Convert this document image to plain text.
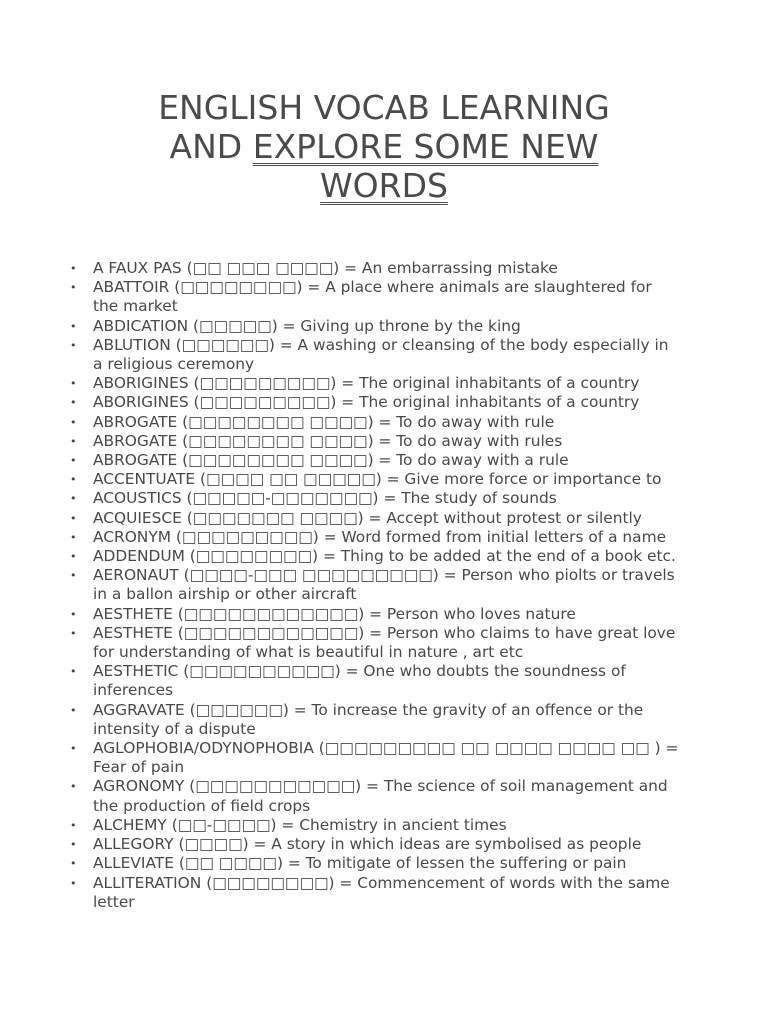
ENGLISH VOCAB LEARNING
AND EXPLORE SOME NEW
WORDS
• A FAUX PAS (□□ □□□ □□□□) = An embarrassing mistake
• ABATTOIR (□□□□□□□□) = A place where animals are slaughtered for the market
• ABDICATION (□□□□□) = Giving up throne by the king
• ABLUTION (□□□□□□) = A washing or cleansing of the body especially in a religious ceremony
• ABORIGINES (□□□□□□□□□) = The original inhabitants of a country
• ABORIGINES (□□□□□□□□□) = The original inhabitants of a country
• ABROGATE (□□□□□□□□ □□□□) = To do away with rule
• ABROGATE (□□□□□□□□ □□□□) = To do away with rules
• ABROGATE (□□□□□□□□ □□□□) = To do away with a rule
• ACCENTUATE (□□□□ □□ □□□□□) = Give more force or importance to
• ACOUSTICS (□□□□□-□□□□□□□) = The study of sounds
• ACQUIESCE (□□□□□□□ □□□□) = Accept without protest or silently
• ACRONYM (□□□□□□□□□) = Word formed from initial letters of a name
• ADDENDUM (□□□□□□□□) = Thing to be added at the end of a book etc.
• AERONAUT (□□□□-□□□ □□□□□□□□□) = Person who piolts or travels in a ballon airship or other aircraft
• AESTHETE (□□□□□□□□□□□□) = Person who loves nature
• AESTHETE (□□□□□□□□□□□□) = Person who claims to have great love for understanding of what is beautiful in nature , art etc
• AESTHETIC (□□□□□□□□□□) = One who doubts the soundness of inferences
• AGGRAVATE (□□□□□□) = To increase the gravity of an offence or the intensity of a dispute
• AGLOPHOBIA/ODYNOPHOBIA (□□□□□□□□□ □□ □□□□ □□□□ □□ ) = Fear of pain
• AGRONOMY (□□□□□□□□□□□) = The science of soil management and the production of field crops
• ALCHEMY (□□-□□□□) = Chemistry in ancient times
• ALLEGORY (□□□□) = A story in which ideas are symbolised as people
• ALLEVIATE (□□ □□□□) = To mitigate of lessen the suffering or pain
• ALLITERATION (□□□□□□□□) = Commencement of words with the same letter
